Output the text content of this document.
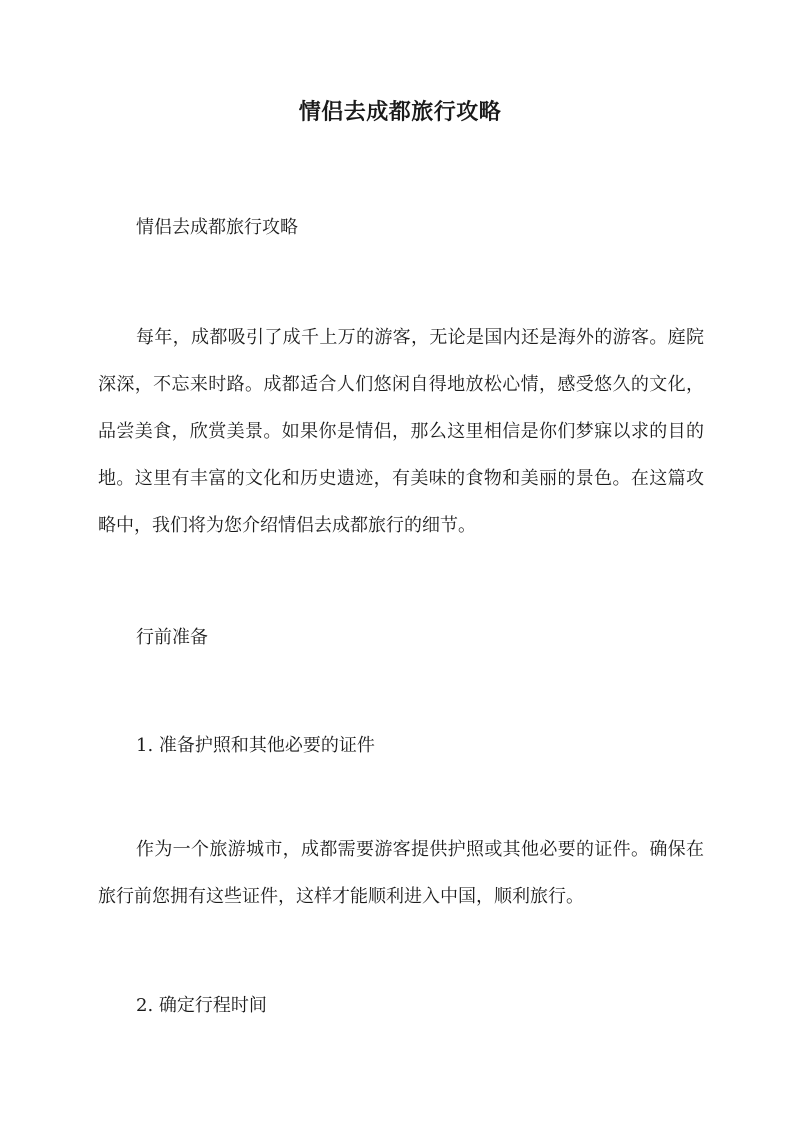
情侣去成都旅行攻略

情侣去成都旅行攻略

每年，成都吸引了成千上万的游客，无论是国内还是海外的游客。庭院深深，不忘来时路。成都适合人们悠闲自得地放松心情，感受悠久的文化，品尝美食，欣赏美景。如果你是情侣，那么这里相信是你们梦寐以求的目的地。这里有丰富的文化和历史遗迹，有美味的食物和美丽的景色。在这篇攻略中，我们将为您介绍情侣去成都旅行的细节。

行前准备

1. 准备护照和其他必要的证件

作为一个旅游城市，成都需要游客提供护照或其他必要的证件。确保在旅行前您拥有这些证件，这样才能顺利进入中国，顺利旅行。

2. 确定行程时间
